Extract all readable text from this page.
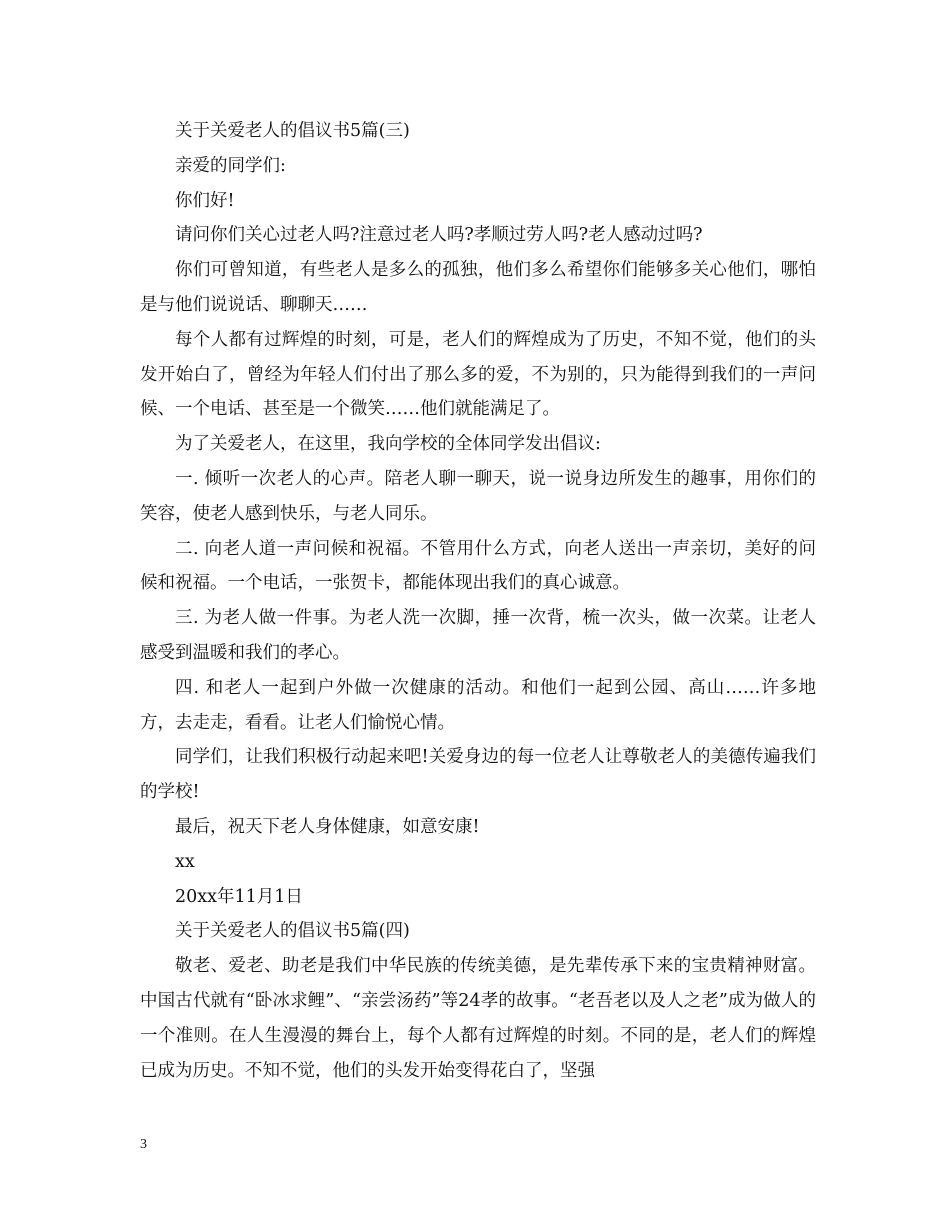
关于关爱老人的倡议书5篇(三)

亲爱的同学们:

你们好!

请问你们关心过老人吗?注意过老人吗?孝顺过劳人吗?老人感动过吗?

你们可曾知道，有些老人是多么的孤独，他们多么希望你们能够多关心他们，哪怕是与他们说说话、聊聊天……

每个人都有过辉煌的时刻，可是，老人们的辉煌成为了历史，不知不觉，他们的头发开始白了，曾经为年轻人们付出了那么多的爱，不为别的，只为能得到我们的一声问候、一个电话、甚至是一个微笑……他们就能满足了。

为了关爱老人，在这里，我向学校的全体同学发出倡议:

一. 倾听一次老人的心声。陪老人聊一聊天，说一说身边所发生的趣事，用你们的笑容，使老人感到快乐，与老人同乐。

二. 向老人道一声问候和祝福。不管用什么方式，向老人送出一声亲切，美好的问候和祝福。一个电话，一张贺卡，都能体现出我们的真心诚意。

三. 为老人做一件事。为老人洗一次脚，捶一次背，梳一次头，做一次菜。让老人感受到温暖和我们的孝心。

四. 和老人一起到户外做一次健康的活动。和他们一起到公园、高山……许多地方，去走走，看看。让老人们愉悦心情。

同学们，让我们积极行动起来吧!关爱身边的每一位老人让尊敬老人的美德传遍我们的学校!

最后，祝天下老人身体健康，如意安康!

xx

20xx年11月1日

关于关爱老人的倡议书5篇(四)

敬老、爱老、助老是我们中华民族的传统美德，是先辈传承下来的宝贵精神财富。中国古代就有“卧冰求鲤”、“亲尝汤药”等24孝的故事。“老吾老以及人之老”成为做人的一个准则。在人生漫漫的舞台上，每个人都有过辉煌的时刻。不同的是，老人们的辉煌已成为历史。不知不觉，他们的头发开始变得花白了，坚强

3
